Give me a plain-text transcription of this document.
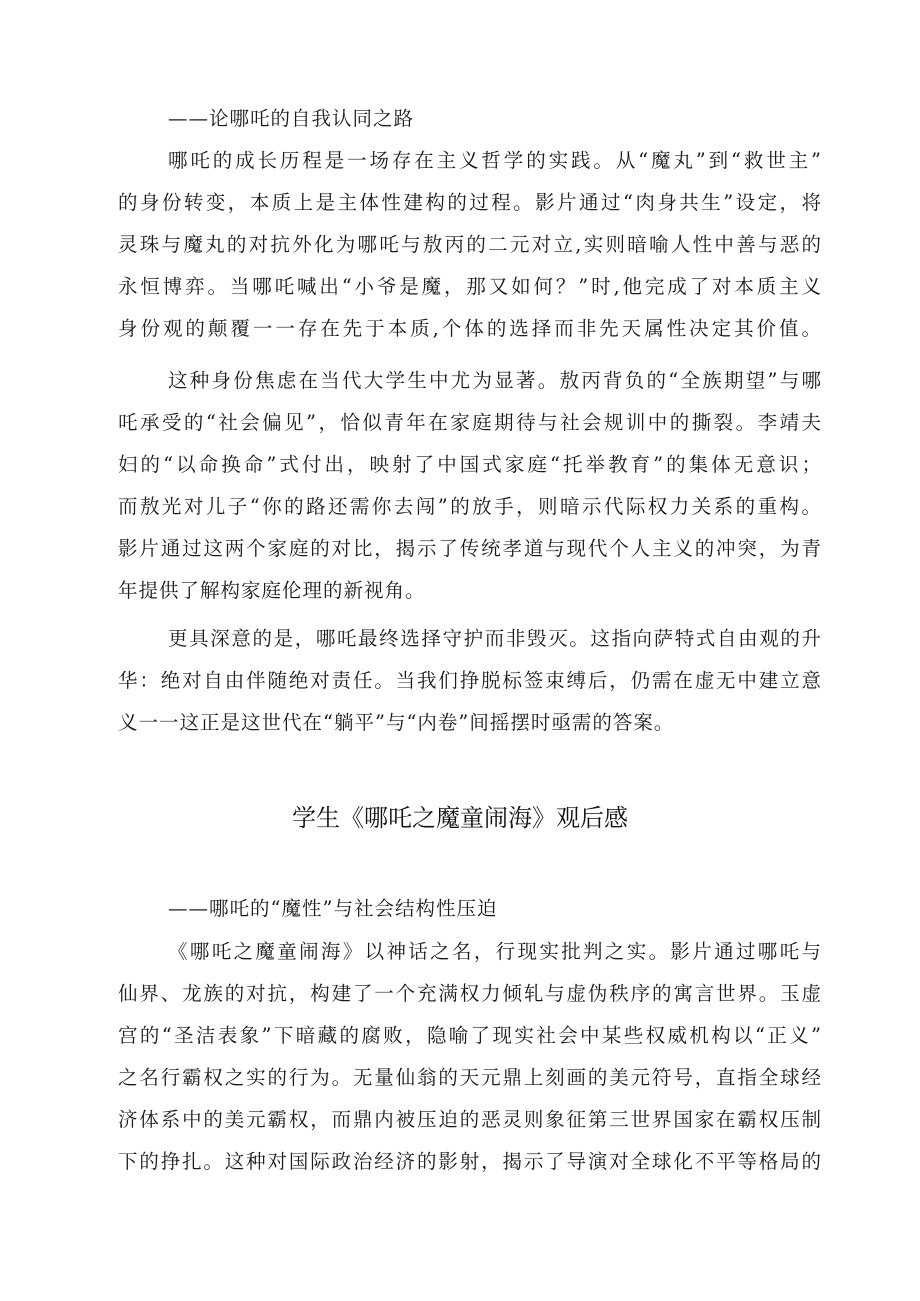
——论哪吒的自我认同之路
哪吒的成长历程是一场存在主义哲学的实践。从“魔丸”到“救世主”
的身份转变，本质上是主体性建构的过程。影片通过“肉身共生”设定，将
灵珠与魔丸的对抗外化为哪吒与敖丙的二元对立,实则暗喻人性中善与恶的
永恒博弈。当哪吒喊出“小爷是魔，那又如何？”时,他完成了对本质主义
身份观的颠覆一一存在先于本质,个体的选择而非先天属性决定其价值。
这种身份焦虑在当代大学生中尤为显著。敖丙背负的“全族期望”与哪
吒承受的“社会偏见”，恰似青年在家庭期待与社会规训中的撕裂。李靖夫
妇的“以命换命”式付出，映射了中国式家庭“托举教育”的集体无意识；
而敖光对儿子“你的路还需你去闯”的放手，则暗示代际权力关系的重构。
影片通过这两个家庭的对比，揭示了传统孝道与现代个人主义的冲突，为青
年提供了解构家庭伦理的新视角。
更具深意的是，哪吒最终选择守护而非毁灭。这指向萨特式自由观的升
华：绝对自由伴随绝对责任。当我们挣脱标签束缚后，仍需在虚无中建立意
义一一这正是这世代在“躺平”与“内卷”间摇摆时亟需的答案。
学生《哪吒之魔童闹海》观后感
——哪吒的“魔性”与社会结构性压迫
《哪吒之魔童闹海》以神话之名，行现实批判之实。影片通过哪吒与
仙界、龙族的对抗，构建了一个充满权力倾轧与虚伪秩序的寓言世界。玉虚
宫的“圣洁表象”下暗藏的腐败，隐喻了现实社会中某些权威机构以“正义”
之名行霸权之实的行为。无量仙翁的天元鼎上刻画的美元符号，直指全球经
济体系中的美元霸权，而鼎内被压迫的恶灵则象征第三世界国家在霸权压制
下的挣扎。这种对国际政治经济的影射，揭示了导演对全球化不平等格局的
